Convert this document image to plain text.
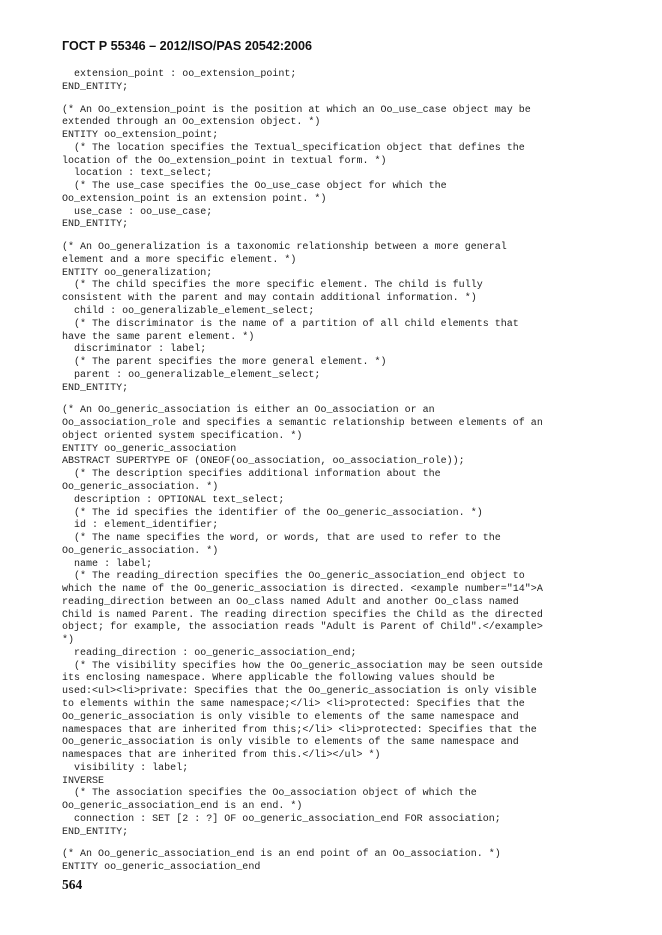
ГОСТ Р 55346 – 2012/ISO/PAS 20542:2006
extension_point : oo_extension_point;
END_ENTITY;
(* An Oo_extension_point is the position at which an Oo_use_case object may be
extended through an Oo_extension object. *)
ENTITY oo_extension_point;
(* The location specifies the Textual_specification object that defines the
location of the Oo_extension_point in textual form. *)
location : text_select;
(* The use_case specifies the Oo_use_case object for which the
Oo_extension_point is an extension point. *)
use_case : oo_use_case;
END_ENTITY;
(* An Oo_generalization is a taxonomic relationship between a more general
element and a more specific element. *)
ENTITY oo_generalization;
(* The child specifies the more specific element. The child is fully
consistent with the parent and may contain additional information. *)
child : oo_generalizable_element_select;
(* The discriminator is the name of a partition of all child elements that
have the same parent element. *)
discriminator : label;
(* The parent specifies the more general element. *)
parent : oo_generalizable_element_select;
END_ENTITY;
(* An Oo_generic_association is either an Oo_association or an
Oo_association_role and specifies a semantic relationship between elements of an
object oriented system specification. *)
ENTITY oo_generic_association
ABSTRACT SUPERTYPE OF (ONEOF(oo_association, oo_association_role));
(* The description specifies additional information about the
Oo_generic_association. *)
description : OPTIONAL text_select;
(* The id specifies the identifier of the Oo_generic_association. *)
id : element_identifier;
(* The name specifies the word, or words, that are used to refer to the
Oo_generic_association. *)
name : label;
(* The reading_direction specifies the Oo_generic_association_end object to
which the name of the Oo_generic_association is directed. <example number="14">A
reading_direction between an Oo_class named Adult and another Oo_class named
Child is named Parent. The reading direction specifies the Child as the directed
object; for example, the association reads "Adult is Parent of Child".</example>
*)
reading_direction : oo_generic_association_end;
(* The visibility specifies how the Oo_generic_association may be seen outside
its enclosing namespace. Where applicable the following values should be
used:<ul><li>private: Specifies that the Oo_generic_association is only visible
to elements within the same namespace;</li> <li>protected: Specifies that the
Oo_generic_association is only visible to elements of the same namespace and
namespaces that are inherited from this;</li> <li>protected: Specifies that the
Oo_generic_association is only visible to elements of the same namespace and
namespaces that are inherited from this.</li></ul> *)
visibility : label;
INVERSE
(* The association specifies the Oo_association object of which the
Oo_generic_association_end is an end. *)
connection : SET [2 : ?] OF oo_generic_association_end FOR association;
END_ENTITY;
(* An Oo_generic_association_end is an end point of an Oo_association. *)
ENTITY oo_generic_association_end
564
